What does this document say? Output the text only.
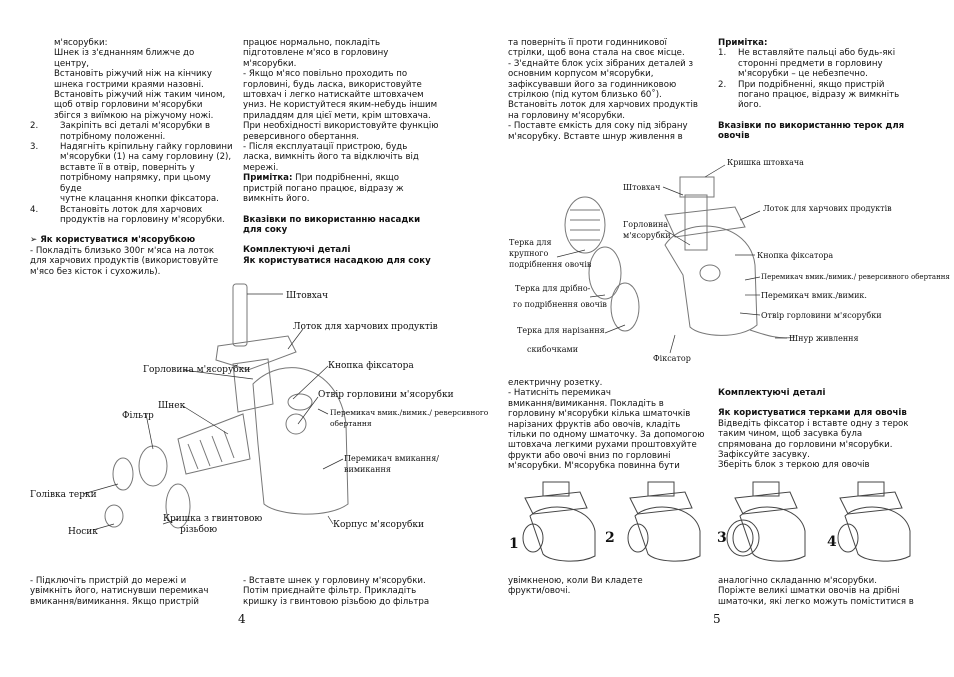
м'ясорубки:

Шнек із з'єднанням ближче до

центру,

Встановіть ріжучий ніж на кінчику

шнека гострими краями назовні.

Встановіть ріжучий ніж таким чином,

щоб отвір горловини м'ясорубки

збігся з виїмкою на ріжучому ножі.

2.	Закріпіть всі деталі м'ясорубки в

потрібному положенні.

3.	Надягніть кріпильну гайку горловини

м'ясорубки (1) на саму горловину (2),

вставте її в отвір, поверніть у

потрібному напрямку, при цьому буде

чутне клацання кнопки фіксатора.

4.	Встановіть лоток для харчових

продуктів на горловину м'ясорубки.

➢ Як користуватися м'ясорубкою

- Покладіть близько 300г м'яса на лоток

для харчових продуктів (використовуйте

м'ясо без кісток і сухожиль).

працює нормально, покладіть

підготовлене м'ясо в горловину

м'ясорубки.

- Якщо м'ясо повільно проходить по

горловині, будь ласка, використовуйте

штовхач і легко натискайте штовхачем

униз. Не користуйтеся яким-небудь іншим

приладдям для цієї мети, крім штовхача.

При необхідності використовуйте функцію

реверсивного обертання.

- Після експлуатації пристрою, будь

ласка, вимкніть його та відключіть від

мережі.

Примітка: При подрібненні, якщо

пристрій погано працює, відразу ж

вимкніть його.

Вказівки по використанню насадки

для соку

Комплектуючі деталі

Як користуватися насадкою для соку

Штовхач
Лоток для харчових продуктів
Горловина м'ясорубки	Кнопка фіксатора
Отвір горловини м'ясорубки
Перемикач вмик./вимик./ реверсивного
обертання
Шнек
Фільтр
Перемикач вмикання/
вимикання
Голівка терки
Кришка з гвинтовою
різьбою
Носик
Корпус м'ясорубки

- Підключіть пристрій до мережі и

увімкніть його, натиснувши перемикач

вмикання/вимикання. Якщо пристрій

- Вставте шнек у горловину м'ясорубки.

Потім приєднайте фільтр. Прикладіть

кришку із гвинтовою різьбою до фільтра

4

та поверніть її проти годинникової

стрілки, щоб вона стала на своє місце.

- З'єднайте блок усіх зібраних деталей з

основним корпусом м'ясорубки,

зафіксувавши його за годинниковою

стрілкою (під кутом близько 60˚).

Встановіть лоток для харчових продуктів

на горловину м'ясорубки.

- Поставте ємкість для соку під зібрану

м'ясорубку. Вставте шнур живлення в

Примітка:

1. Не вставляйте пальці або будь-які

сторонні предмети в горловину

м'ясорубки – це небезпечно.

2. При подрібненні, якщо пристрій

погано працює, відразу ж вимкніть

його.

Вказівки по використанню терок для

овочів

Кришка штовхача
Штовхач
Лоток для харчових продуктів
Терка для
крупного
подрібнення овочів
Горловина
м'ясорубки
Кнопка фіксатора
Терка для дрібно-
го подрібнення овочів
Перемикач вмик./вимик./ реверсивного обертання
Перемикач вмик./вимик.
Терка для нарізання
скибочками
Отвір горловини м'ясорубки
Шнур живлення
Фіксатор

електричну розетку.

- Натисніть перемикач

вмикання/вимикання. Покладіть в

горловину м'ясорубки кілька шматочків

нарізаних фруктів або овочів, кладіть

тільки по одному шматочку. За допомогою

штовхача легкими рухами проштовхуйте

фрукти або овочі вниз по горловині

м'ясорубки. М'ясорубка повинна бути

Комплектуючі деталі

Як користуватися терками для овочів

Відведіть фіксатор і вставте одну з терок

таким чином, щоб засувка була

спрямована до горловини м'ясорубки.

Зафіксуйте засувку.

Зберіть блок з теркою для овочів

1	2	3	4

увімкненою, коли Ви кладете

фрукти/овочі.

аналогічно складанню м'ясорубки.

Поріжте великі шматки овочів на дрібні

шматочки, які легко можуть поміститися в

5
